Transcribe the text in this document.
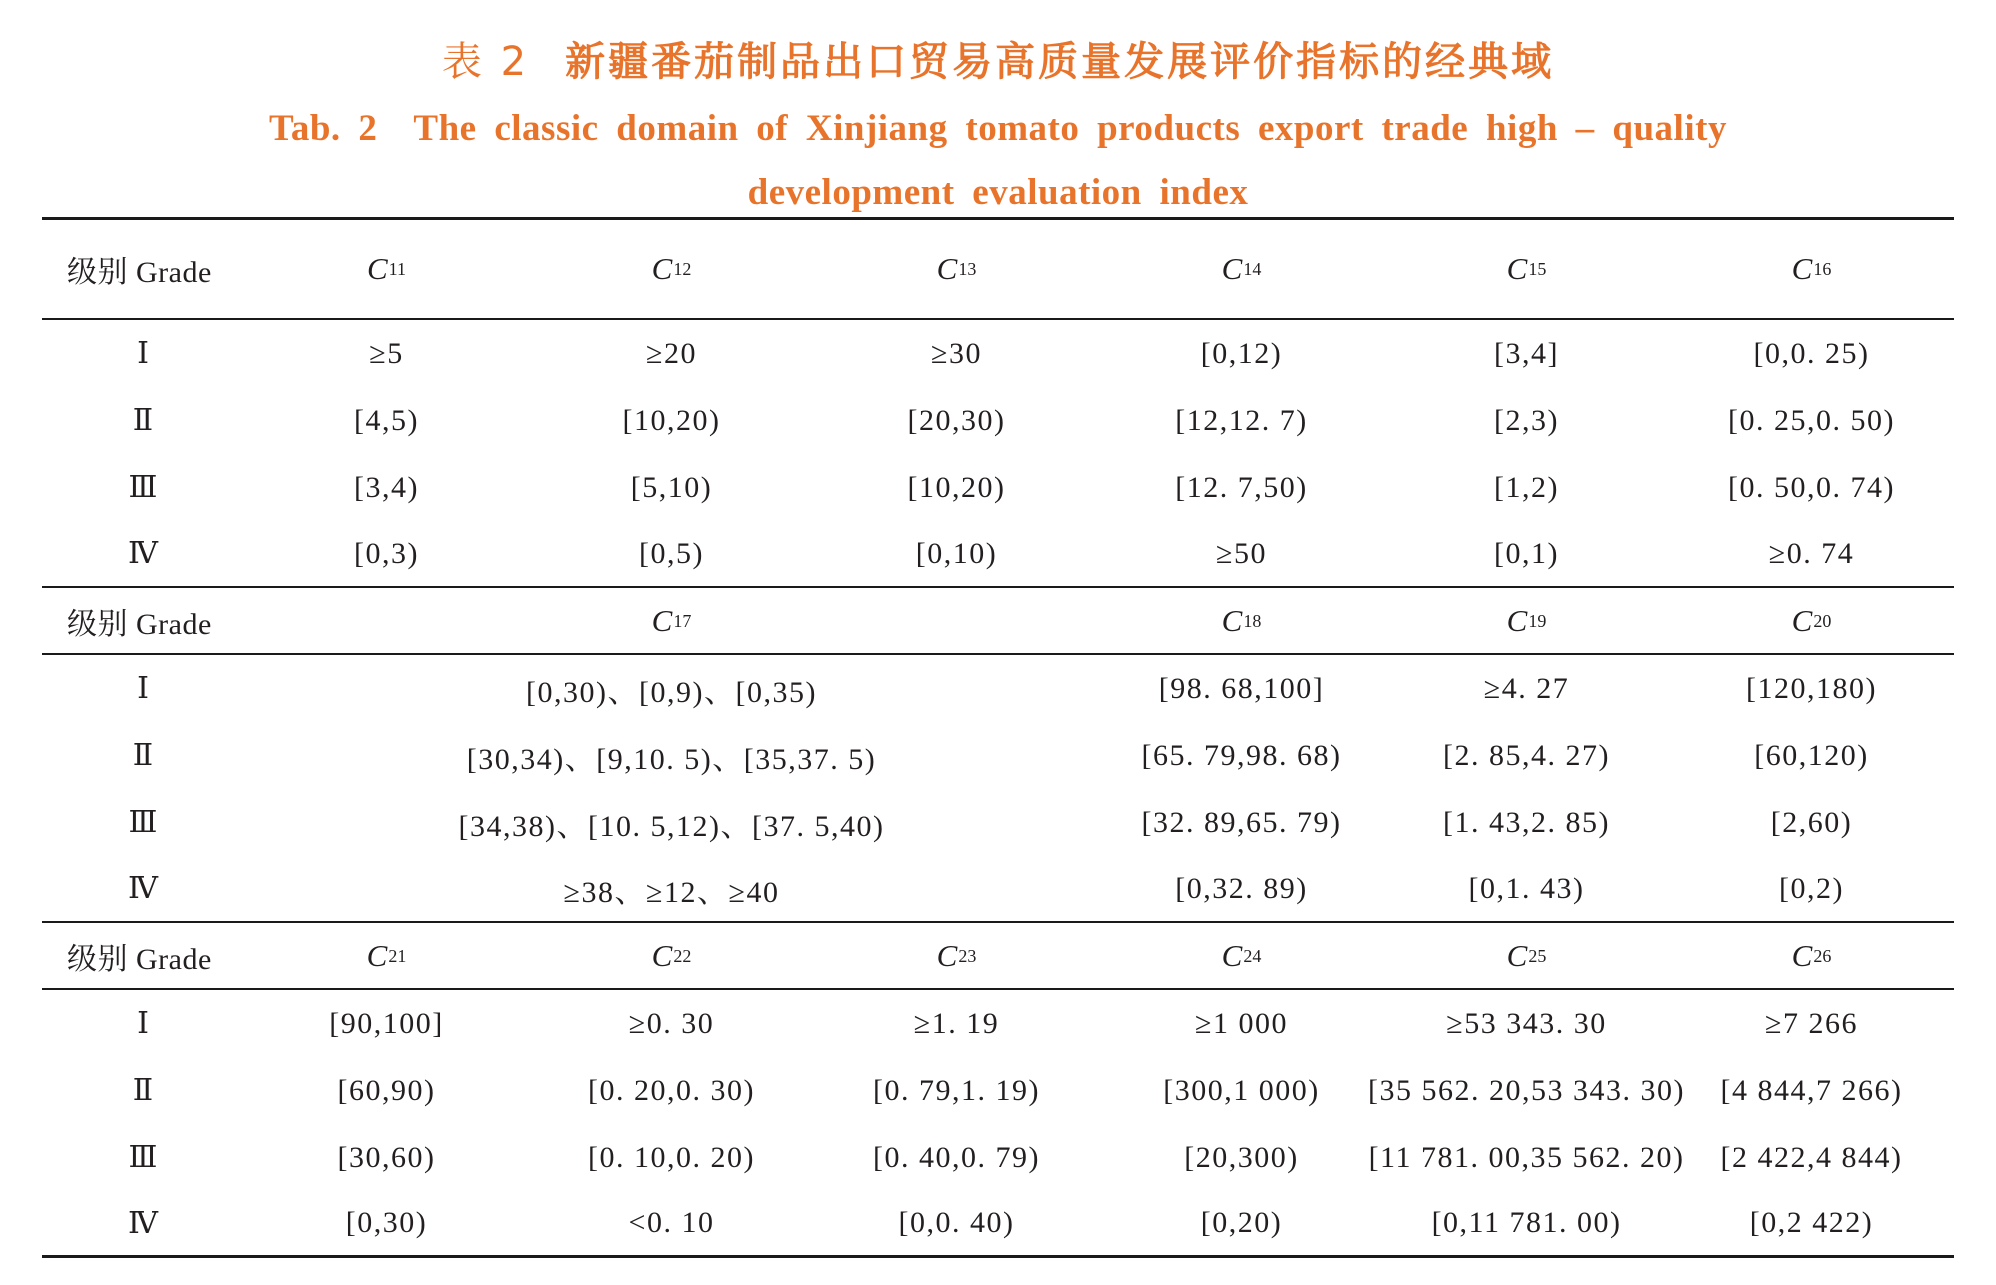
表 2 新疆番茄制品出口贸易高质量发展评价指标的经典域
Tab. 2 The classic domain of Xinjiang tomato products export trade high – quality
development evaluation index
级别 Grade	C 11	C 12	C 13	C 14	C 15	C 16
Ⅰ	≥5	≥20	≥30	[0,12)	[3,4]	[0,0. 25)
Ⅱ	[4,5)	[10,20)	[20,30)	[12,12. 7)	[2,3)	[0. 25,0. 50)
Ⅲ	[3,4)	[5,10)	[10,20)	[12. 7,50)	[1,2)	[0. 50,0. 74)
Ⅳ	[0,3)	[0,5)	[0,10)	≥50	[0,1)	≥0. 74
级别 Grade	C 17	C 18	C 19	C 20
Ⅰ	[0,30)、[0,9)、[0,35)	[98. 68,100]	≥4. 27	[120,180)
Ⅱ	[30,34)、[9,10. 5)、[35,37. 5)	[65. 79,98. 68)	[2. 85,4. 27)	[60,120)
Ⅲ	[34,38)、[10. 5,12)、[37. 5,40)	[32. 89,65. 79)	[1. 43,2. 85)	[2,60)
Ⅳ	≥38、≥12、≥40	[0,32. 89)	[0,1. 43)	[0,2)
级别 Grade	C 21	C 22	C 23	C 24	C 25	C 26
Ⅰ	[90,100]	≥0. 30	≥1. 19	≥1 000	≥53 343. 30	≥7 266
Ⅱ	[60,90)	[0. 20,0. 30)	[0. 79,1. 19)	[300,1 000)	[35 562. 20,53 343. 30)	[4 844,7 266)
Ⅲ	[30,60)	[0. 10,0. 20)	[0. 40,0. 79)	[20,300)	[11 781. 00,35 562. 20)	[2 422,4 844)
Ⅳ	[0,30)	<0. 10	[0,0. 40)	[0,20)	[0,11 781. 00)	[0,2 422)
